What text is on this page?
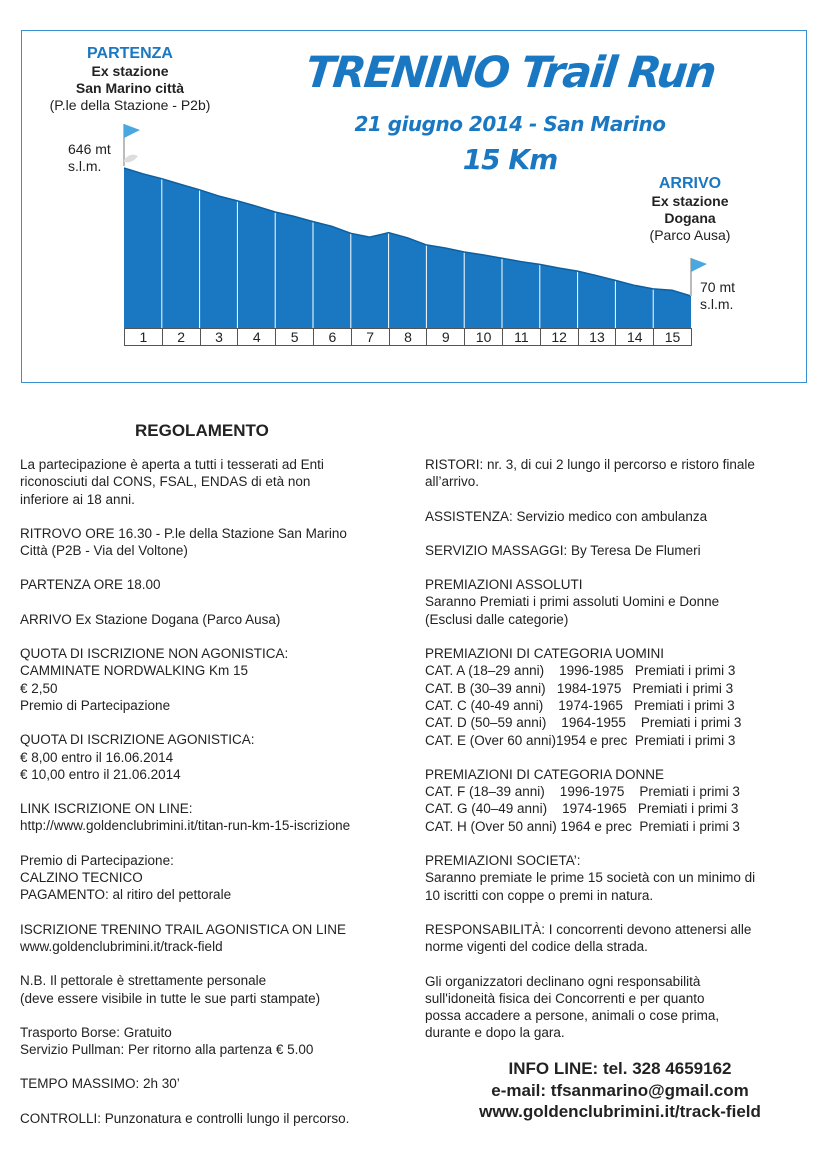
PARTENZA
Ex stazione
San Marino città
(P.le della Stazione - P2b)
646 mt
s.l.m.
TRENINO Trail Run
21 giugno 2014 - San Marino
15 Km
ARRIVO
Ex stazione
Dogana
(Parco Ausa)
70 mt
s.l.m.
1	2	3	4	5	6	7	8	9	10	11	12	13	14	15
REGOLAMENTO

La partecipazione è aperta a tutti i tesserati ad Enti
riconosciuti dal CONS, FSAL, ENDAS di età non
inferiore ai 18 anni.

RITROVO ORE 16.30 - P.le della Stazione San Marino
Città (P2B - Via del Voltone)

PARTENZA ORE 18.00

ARRIVO Ex Stazione Dogana (Parco Ausa)

QUOTA DI ISCRIZIONE NON AGONISTICA:
CAMMINATE NORDWALKING Km 15
€ 2,50
Premio di Partecipazione

QUOTA DI ISCRIZIONE AGONISTICA:
€ 8,00 entro il 16.06.2014
€ 10,00 entro il 21.06.2014

LINK ISCRIZIONE ON LINE:
http://www.goldenclubrimini.it/titan-run-km-15-iscrizione

Premio di Partecipazione:
CALZINO TECNICO
PAGAMENTO: al ritiro del pettorale

ISCRIZIONE TRENINO TRAIL AGONISTICA ON LINE
www.goldenclubrimini.it/track-field

N.B. Il pettorale è strettamente personale
(deve essere visibile in tutte le sue parti stampate)

Trasporto Borse: Gratuito
Servizio Pullman: Per ritorno alla partenza € 5.00

TEMPO MASSIMO: 2h 30’

CONTROLLI: Punzonatura e controlli lungo il percorso.

RISTORI: nr. 3, di cui 2 lungo il percorso e ristoro finale
all’arrivo.

ASSISTENZA: Servizio medico con ambulanza

SERVIZIO MASSAGGI: By Teresa De Flumeri

PREMIAZIONI ASSOLUTI
Saranno Premiati i primi assoluti Uomini e Donne
(Esclusi dalle categorie)

PREMIAZIONI DI CATEGORIA UOMINI
CAT. A (18–29 anni)    1996-1985   Premiati i primi 3
CAT. B (30–39 anni)   1984-1975   Premiati i primi 3
CAT. C (40-49 anni)    1974-1965   Premiati i primi 3
CAT. D (50–59 anni)    1964-1955    Premiati i primi 3
CAT. E (Over 60 anni)1954 e prec  Premiati i primi 3
PREMIAZIONI DI CATEGORIA DONNE
CAT. F (18–39 anni)    1996-1975    Premiati i primi 3
CAT. G (40–49 anni)    1974-1965   Premiati i primi 3
CAT. H (Over 50 anni) 1964 e prec  Premiati i primi 3

PREMIAZIONI SOCIETA’:
Saranno premiate le prime 15 società con un minimo di
10 iscritti con coppe o premi in natura.

RESPONSABILITÀ: I concorrenti devono attenersi alle
norme vigenti del codice della strada.

Gli organizzatori declinano ogni responsabilità
sull'idoneità fisica dei Concorrenti e per quanto
possa accadere a persone, animali o cose prima,
durante e dopo la gara.

INFO LINE: tel. 328 4659162
e-mail: tfsanmarino@gmail.com
www.goldenclubrimini.it/track-field
